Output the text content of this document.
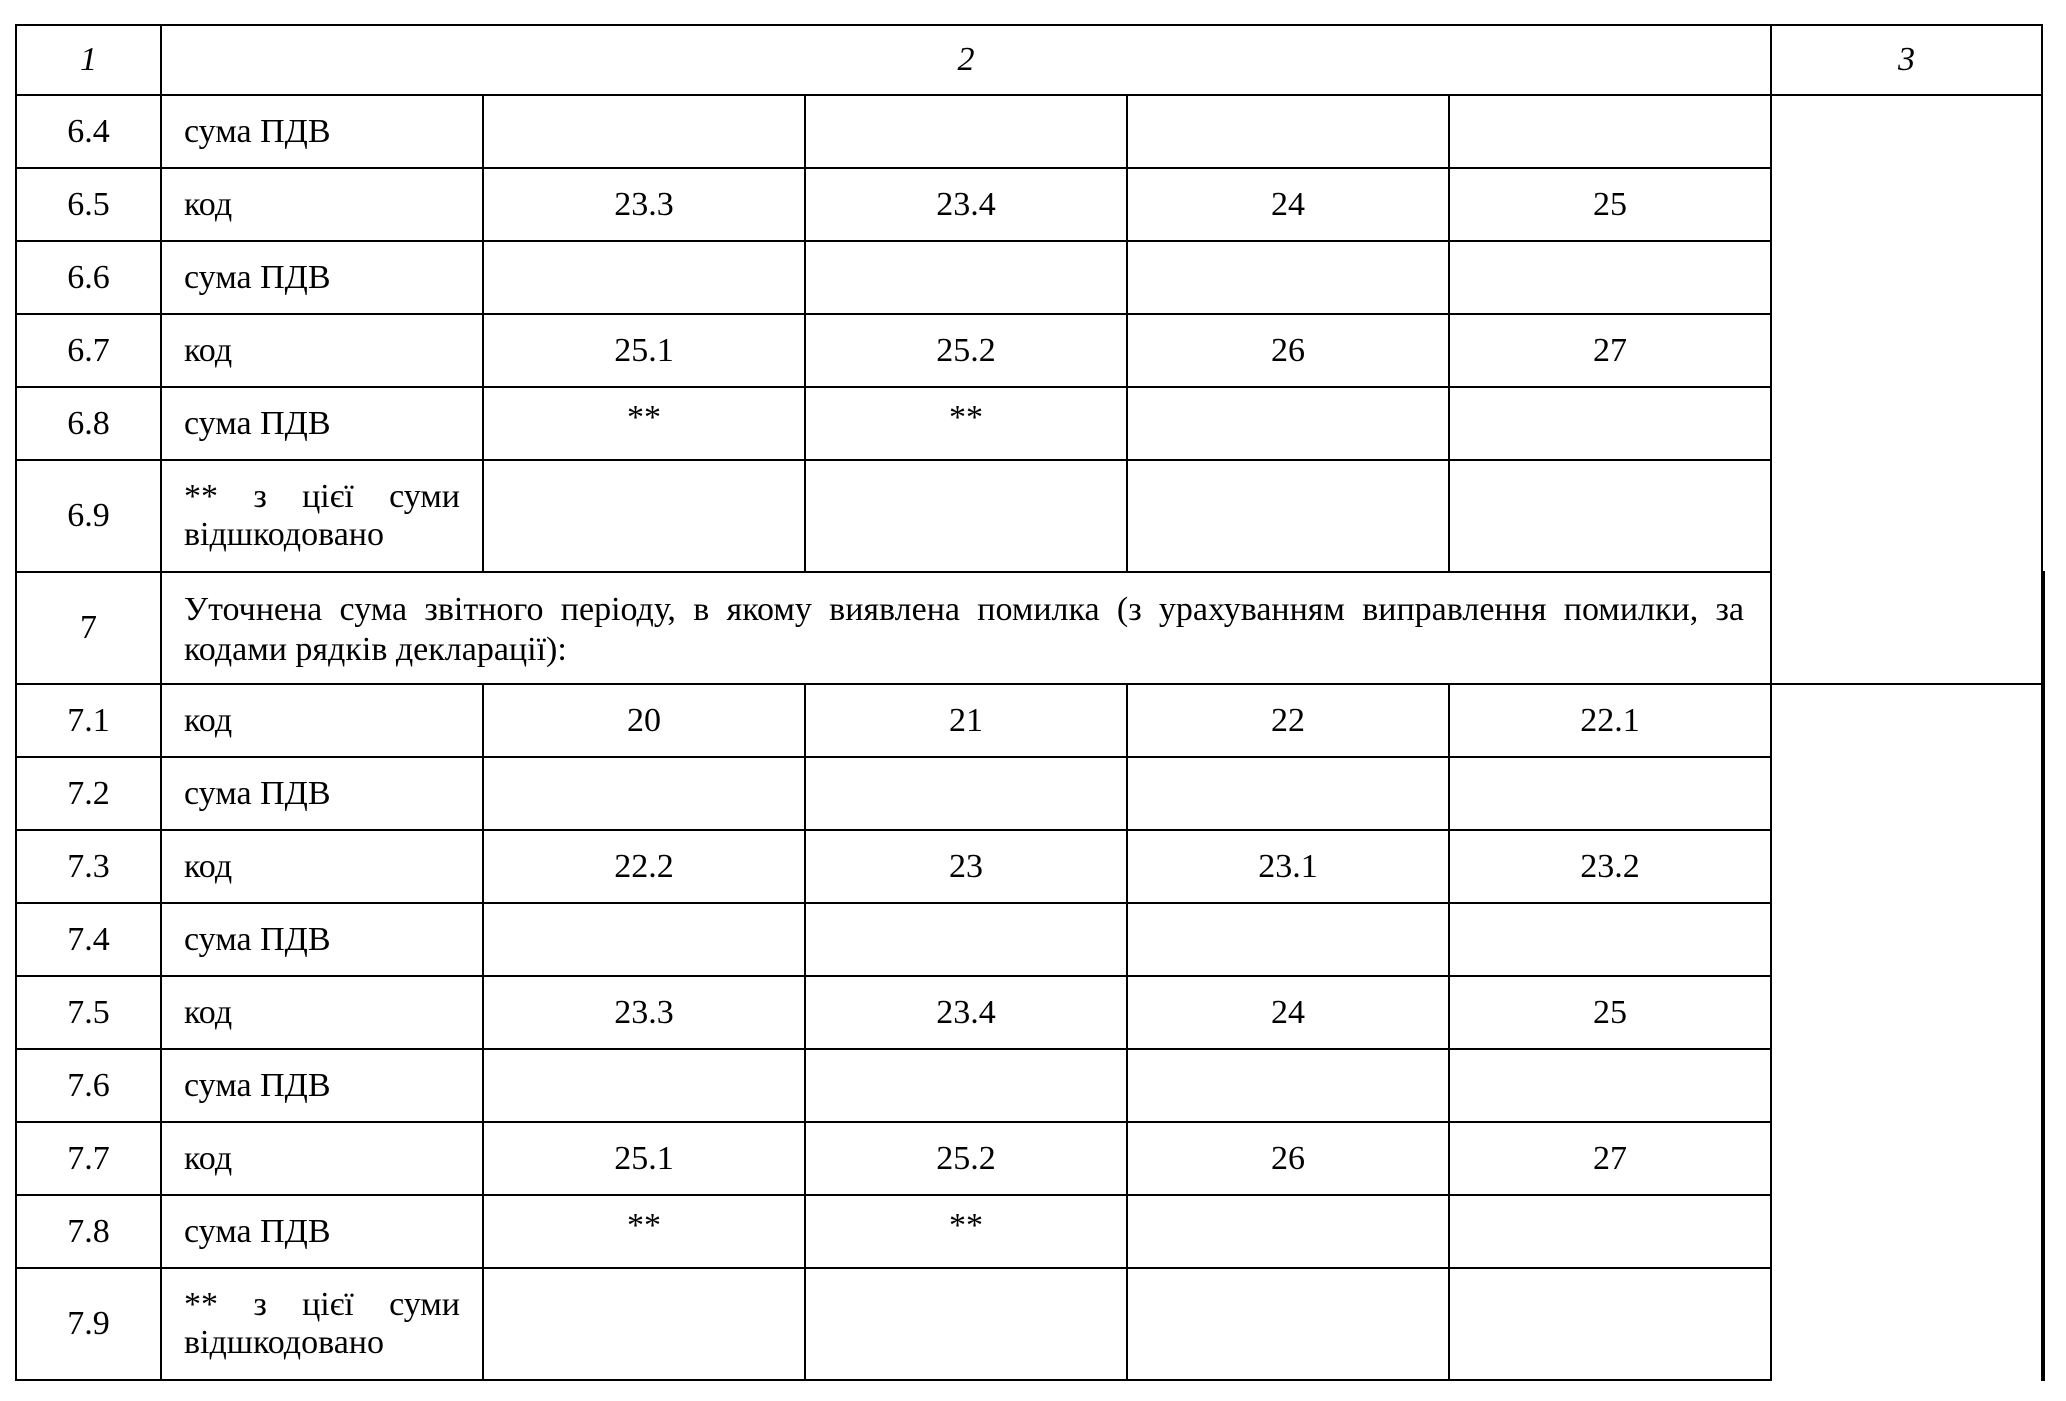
1	2					3	
6.4	сума ПДВ						
6.5	код	23.3	23.4	24	25		
6.6	сума ПДВ						
6.7	код	25.1	25.2	26	27		
6.8	сума ПДВ	**	**				
6.9	** з цієї суми
відшкодовано						

7	Уточнена сума звітного періоду, в якому виявлена помилка (з урахуванням виправлення помилки, за кодами рядків декларації):						
7.1	код	20	21	22	22.1		
7.2	сума ПДВ						
7.3	код	22.2	23	23.1	23.2		
7.4	сума ПДВ						
7.5	код	23.3	23.4	24	25		
7.6	сума ПДВ						
7.7	код	25.1	25.2	26	27		
7.8	сума ПДВ	**	**				
7.9	** з цієї суми
відшкодовано						
